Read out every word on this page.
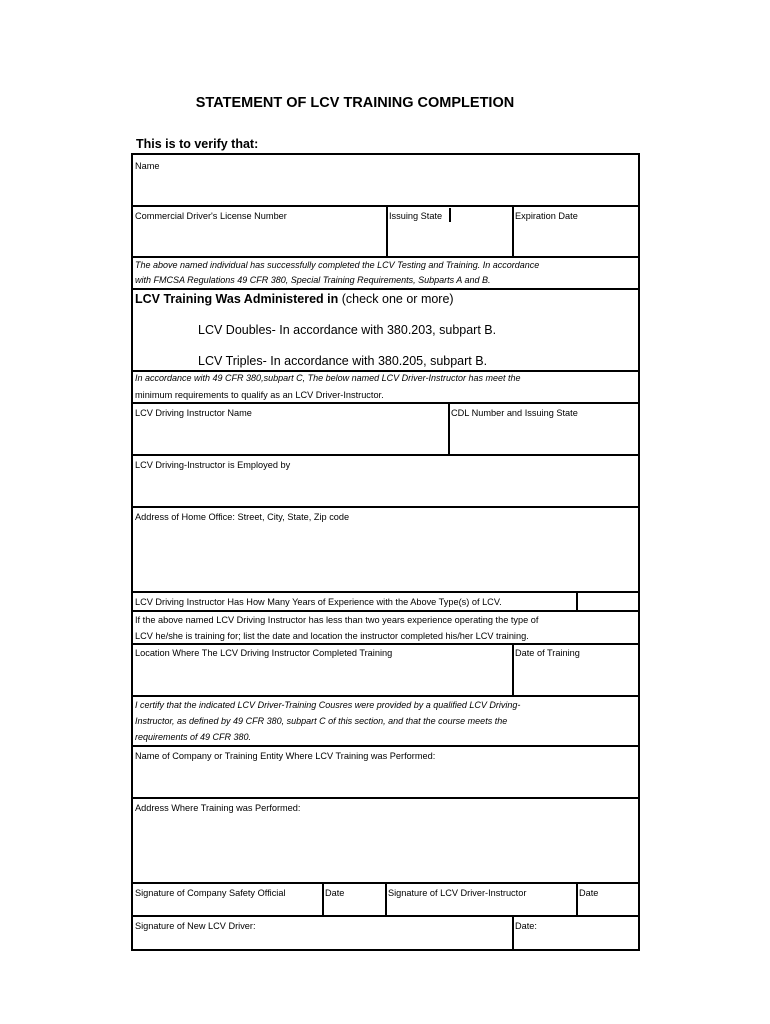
STATEMENT OF LCV TRAINING COMPLETION
This is to verify that:
Name
Commercial Driver's License Number	Issuing State	Expiration Date
The above named individual has successfully completed the LCV Testing and Training. In accordance
with FMCSA Regulations 49 CFR 380, Special Training Requirements, Subparts A and B.
LCV Training Was Administered in (check one or more)
LCV Doubles- In accordance with 380.203, subpart B.
LCV Triples- In accordance with 380.205, subpart B.
In accordance with 49 CFR 380,subpart C, The below named LCV Driver-Instructor has meet the
minimum requirements to qualify as an LCV Driver-Instructor.
LCV Driving Instructor Name	CDL Number and Issuing State
LCV Driving-Instructor is Employed by
Address of Home Office: Street, City, State, Zip code
LCV Driving Instructor Has How Many Years of Experience with the Above Type(s) of LCV.
If the above named LCV Driving Instructor has less than two years experience operating the type of
LCV he/she is training for; list the date and location the instructor completed his/her LCV training.
Location Where The LCV Driving Instructor Completed Training	Date of Training
I certify that the indicated LCV Driver-Training Cousres were provided by a qualified LCV Driving-
Instructor, as defined by 49 CFR 380, subpart C of this section, and that the course meets the
requirements of 49 CFR 380.
Name of Company or Training Entity Where LCV Training was Performed:
Address Where Training was Performed:
Signature of Company Safety Official	Date	Signature of LCV Driver-Instructor	Date
Signature of New LCV Driver:	Date:
